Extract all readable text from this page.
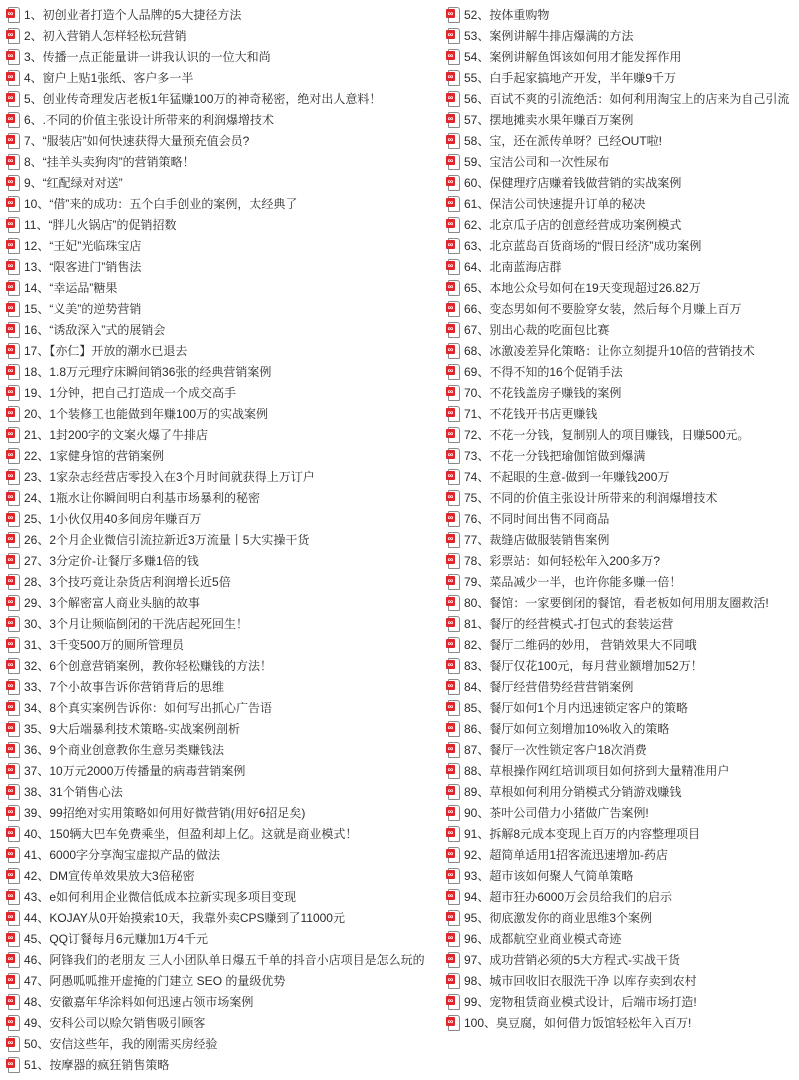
∞ 1、初创业者打造个人品牌的5大捷径方法
∞ 2、初入营销人怎样轻松玩营销
∞ 3、传播一点正能量讲一讲我认识的一位大和尚
∞ 4、窗户上贴1张纸、客户多一半
∞ 5、创业传奇理发店老板1年猛赚100万的神奇秘密，绝对出人意料！
∞ 6、.不同的价值主张设计所带来的利润爆增技术
∞ 7、“服装店”如何快速获得大量预充值会员?
∞ 8、“挂羊头卖狗肉”的营销策略！
∞ 9、“红配绿对对送”
∞ 10、“借”来的成功：五个白手创业的案例，太经典了
∞ 11、“胖儿火锅店”的促销招数
∞ 12、“王妃”光临珠宝店
∞ 13、“限客进门”销售法
∞ 14、“幸运品”糖果
∞ 15、“义美”的逆势营销
∞ 16、“诱敌深入”式的展销会
∞ 17、【亦仁】开放的潮水已退去
∞ 18、1.8万元理疗床瞬间销36张的经典营销案例
∞ 19、1分钟，把自己打造成一个成交高手
∞ 20、1个装修工也能做到年赚100万的实战案例
∞ 21、1封200字的文案火爆了牛排店
∞ 22、1家健身馆的营销案例
∞ 23、1家杂志经营店零投入在3个月时间就获得上万订户
∞ 24、1瓶水让你瞬间明白利基市场暴利的秘密
∞ 25、1小伙仅用40多间房年赚百万
∞ 26、2个月企业微信引流拉新近3万流量丨5大实操干货
∞ 27、3分定价-让餐厅多赚1倍的钱
∞ 28、3个技巧竟让杂货店利润增长近5倍
∞ 29、3个解密富人商业头脑的故事
∞ 30、3个月让频临倒闭的干洗店起死回生！
∞ 31、3千变500万的厕所管理员
∞ 32、6个创意营销案例，教你轻松赚钱的方法！
∞ 33、7个小故事告诉你营销背后的思维
∞ 34、8个真实案例告诉你：如何写出抓心广告语
∞ 35、9大后端暴利技术策略-实战案例剖析
∞ 36、9个商业创意教你生意另类赚钱法
∞ 37、10万元2000万传播量的病毒营销案例
∞ 38、31个销售心法
∞ 39、99招绝对实用策略如何用好微营销(用好6招足矣)
∞ 40、150辆大巴车免费乘坐，但盈利却上亿。这就是商业模式！
∞ 41、6000字分享淘宝虚拟产品的做法
∞ 42、DM宣传单效果放大3倍秘密
∞ 43、e如何利用企业微信低成本拉新实现多项目变现
∞ 44、KOJAY从0开始摸索10天，我靠外卖CPS赚到了11000元
∞ 45、QQ订餐每月6元赚加1万4千元
∞ 46、阿锋我们的老朋友 三人小团队单日爆五千单的抖音小店项目是怎么玩的
∞ 47、阿愚呱呱推开虚掩的门建立 SEO 的量级优势
∞ 48、安徽嘉年华涂料如何迅速占领市场案例
∞ 49、安科公司以赊欠销售吸引顾客
∞ 50、安信这些年，我的刚需买房经验
∞ 51、按摩器的疯狂销售策略
∞ 52、按体重购物
∞ 53、案例讲解牛排店爆满的方法
∞ 54、案例讲解鱼饵该如何用才能发挥作用
∞ 55、白手起家搞地产开发，半年赚9千万
∞ 56、百试不爽的引流绝活：如何利用淘宝上的店来为自己引流
∞ 57、摆地摊卖水果年赚百万案例
∞ 58、宝，还在派传单呀？已经OUT啦!
∞ 59、宝洁公司和一次性尿布
∞ 60、保健理疗店赚着钱做营销的实战案例
∞ 61、保洁公司快速提升订单的秘决
∞ 62、北京瓜子店的创意经营成功案例模式
∞ 63、北京蓝岛百货商场的“假日经济”成功案例
∞ 64、北南蓝海店群
∞ 65、本地公众号如何在19天变现超过26.82万
∞ 66、变态男如何不要脸穿女装，然后每个月赚上百万
∞ 67、别出心裁的吃面包比赛
∞ 68、冰激凌差异化策略：让你立刻提升10倍的营销技术
∞ 69、不得不知的16个促销手法
∞ 70、不花钱盖房子赚钱的案例
∞ 71、不花钱开书店更赚钱
∞ 72、不花一分钱，复制别人的项目赚钱，日赚500元。
∞ 73、不花一分钱把瑜伽馆做到爆满
∞ 74、不起眼的生意-做到一年赚钱200万
∞ 75、不同的价值主张设计所带来的利润爆增技术
∞ 76、不同时间出售不同商品
∞ 77、裁缝店做服装销售案例
∞ 78、彩票站：如何轻松年入200多万?
∞ 79、菜品减少一半，也许你能多赚一倍！
∞ 80、餐馆：一家要倒闭的餐馆，看老板如何用朋友圈救活!
∞ 81、餐厅的经营模式-打包式的套装运营
∞ 82、餐厅二维码的妙用， 营销效果大不同哦
∞ 83、餐厅仅花100元，每月营业额增加52万！
∞ 84、餐厅经营借势经营营销案例
∞ 85、餐厅如何1个月内迅速锁定客户的策略
∞ 86、餐厅如何立刻增加10%收入的策略
∞ 87、餐厅一次性锁定客户18次消费
∞ 88、草根操作网红培训项目如何挤到大量精准用户
∞ 89、草根如何利用分销模式分销游戏赚钱
∞ 90、茶叶公司借力小猪做广告案例!
∞ 91、拆解8元成本变现上百万的内容整理项目
∞ 92、超简单适用1招客流迅速增加-药店
∞ 93、超市该如何聚人气简单策略
∞ 94、超市狂办6000万会员给我们的启示
∞ 95、彻底激发你的商业思维3个案例
∞ 96、成都航空业商业模式奇迹
∞ 97、成功营销必须的5大方程式-实战干货
∞ 98、城市回收旧衣服洗干净 以库存卖到农村
∞ 99、宠物租赁商业模式设计，后端市场打造!
∞ 100、臭豆腐，如何借力饭馆轻松年入百万!
